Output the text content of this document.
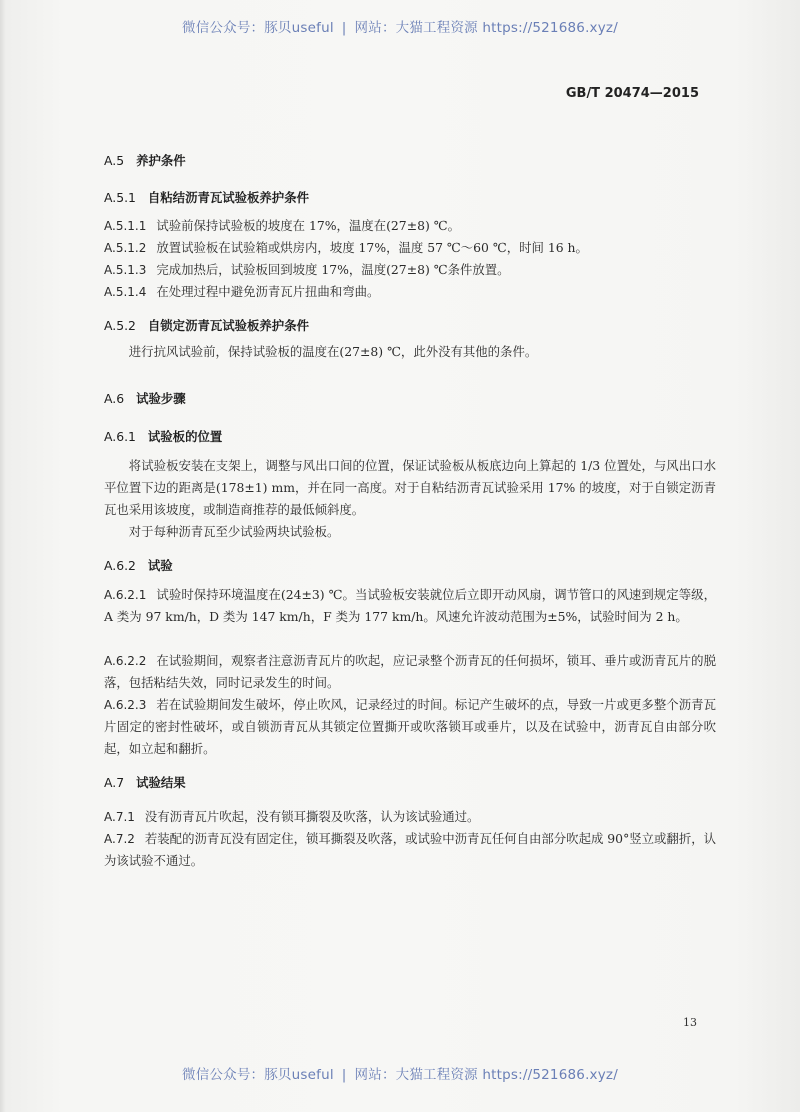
微信公众号：豚贝useful | 网站：大猫工程资源 https://521686.xyz/
GB/T 20474—2015
A.5 养护条件
A.5.1 自粘结沥青瓦试验板养护条件
A.5.1.1 试验前保持试验板的坡度在 17%，温度在(27±8) ℃。
A.5.1.2 放置试验板在试验箱或烘房内，坡度 17%，温度 57 ℃～60 ℃，时间 16 h。
A.5.1.3 完成加热后，试验板回到坡度 17%，温度(27±8) ℃条件放置。
A.5.1.4 在处理过程中避免沥青瓦片扭曲和弯曲。
A.5.2 自锁定沥青瓦试验板养护条件
进行抗风试验前，保持试验板的温度在(27±8) ℃，此外没有其他的条件。
A.6 试验步骤
A.6.1 试验板的位置
将试验板安装在支架上，调整与风出口间的位置，保证试验板从板底边向上算起的 1/3 位置处，与风出口水平位置下边的距离是(178±1) mm，并在同一高度。对于自粘结沥青瓦试验采用 17% 的坡度，对于自锁定沥青瓦也采用该坡度，或制造商推荐的最低倾斜度。
对于每种沥青瓦至少试验两块试验板。
A.6.2 试验
A.6.2.1 试验时保持环境温度在(24±3) ℃。当试验板安装就位后立即开动风扇，调节管口的风速到规定等级，A 类为 97 km/h，D 类为 147 km/h，F 类为 177 km/h。风速允许波动范围为±5%，试验时间为 2 h。
A.6.2.2 在试验期间，观察者注意沥青瓦片的吹起，应记录整个沥青瓦的任何损坏，锁耳、垂片或沥青瓦片的脱落，包括粘结失效，同时记录发生的时间。
A.6.2.3 若在试验期间发生破坏，停止吹风，记录经过的时间。标记产生破坏的点，导致一片或更多整个沥青瓦片固定的密封性破坏，或自锁沥青瓦从其锁定位置撕开或吹落锁耳或垂片，以及在试验中，沥青瓦自由部分吹起，如立起和翻折。
A.7 试验结果
A.7.1 没有沥青瓦片吹起，没有锁耳撕裂及吹落，认为该试验通过。
A.7.2 若装配的沥青瓦没有固定住，锁耳撕裂及吹落，或试验中沥青瓦任何自由部分吹起成 90°竖立或翻折，认为该试验不通过。
13
微信公众号：豚贝useful | 网站：大猫工程资源 https://521686.xyz/
